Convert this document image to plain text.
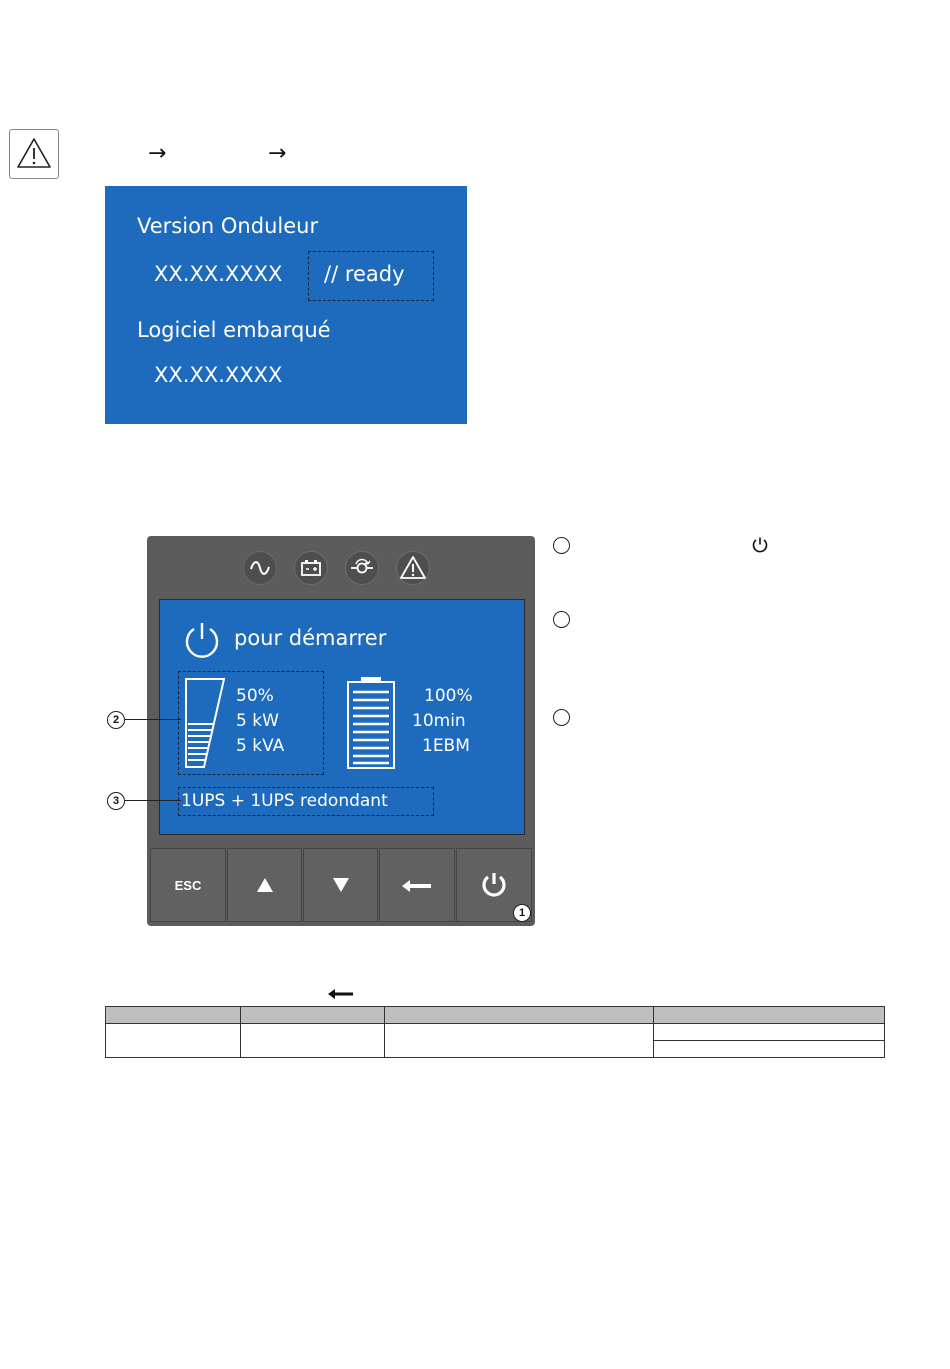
→	→
Version Onduleur
XX.XX.XXXX // ready
Logiciel embarqué
XX.XX.XXXX
pour démarrer
50%
5 kW
5 kVA
100%
10min
1EBM
1UPS + 1UPS redondant
ESC
1
2
3
